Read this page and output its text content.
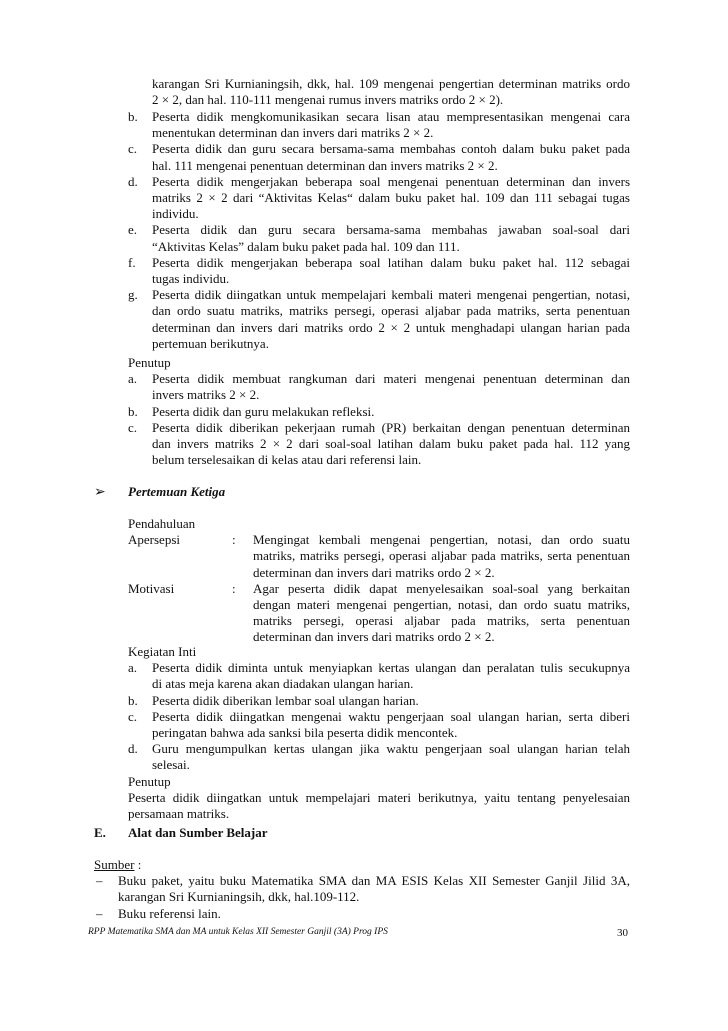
karangan Sri Kurnianingsih, dkk, hal. 109 mengenai pengertian determinan matriks ordo
2 × 2, dan hal. 110-111 mengenai rumus invers matriks ordo 2 × 2).
b. Peserta didik mengkomunikasikan secara lisan atau mempresentasikan mengenai cara
menentukan determinan dan invers dari matriks 2 × 2.
c. Peserta didik dan guru secara bersama-sama membahas contoh dalam buku paket pada
hal. 111 mengenai penentuan determinan dan invers matriks 2 × 2.
d. Peserta didik mengerjakan beberapa soal mengenai penentuan determinan dan invers
matriks 2 × 2 dari “Aktivitas Kelas“ dalam buku paket hal. 109 dan 111 sebagai tugas
individu.
e. Peserta didik dan guru secara bersama-sama membahas jawaban soal-soal dari
“Aktivitas Kelas” dalam buku paket pada hal. 109 dan 111.
f. Peserta didik mengerjakan beberapa soal latihan dalam buku paket hal. 112 sebagai
tugas individu.
g. Peserta didik diingatkan untuk mempelajari kembali materi mengenai pengertian, notasi,
dan ordo suatu matriks, matriks persegi, operasi aljabar pada matriks, serta penentuan
determinan dan invers dari matriks ordo 2 × 2 untuk menghadapi ulangan harian pada
pertemuan berikutnya.
Penutup
a. Peserta didik membuat rangkuman dari materi mengenai penentuan determinan dan
invers matriks 2 × 2.
b. Peserta didik dan guru melakukan refleksi.
c. Peserta didik diberikan pekerjaan rumah (PR) berkaitan dengan penentuan determinan
dan invers matriks 2 × 2 dari soal-soal latihan dalam buku paket pada hal. 112 yang
belum terselesaikan di kelas atau dari referensi lain.
➢ Pertemuan Ketiga
Pendahuluan
Apersepsi	: Mengingat kembali mengenai pengertian, notasi, dan ordo suatu
matriks, matriks persegi, operasi aljabar pada matriks, serta penentuan
determinan dan invers dari matriks ordo 2 × 2.
Motivasi	: Agar peserta didik dapat menyelesaikan soal-soal yang berkaitan
dengan materi mengenai pengertian, notasi, dan ordo suatu matriks,
matriks persegi, operasi aljabar pada matriks, serta penentuan
determinan dan invers dari matriks ordo 2 × 2.
Kegiatan Inti
a. Peserta didik diminta untuk menyiapkan kertas ulangan dan peralatan tulis secukupnya
di atas meja karena akan diadakan ulangan harian.
b. Peserta didik diberikan lembar soal ulangan harian.
c. Peserta didik diingatkan mengenai waktu pengerjaan soal ulangan harian, serta diberi
peringatan bahwa ada sanksi bila peserta didik mencontek.
d. Guru mengumpulkan kertas ulangan jika waktu pengerjaan soal ulangan harian telah
selesai.
Penutup
Peserta didik diingatkan untuk mempelajari materi berikutnya, yaitu tentang penyelesaian
persamaan matriks.
E. Alat dan Sumber Belajar
Sumber :
– Buku paket, yaitu buku Matematika SMA dan MA ESIS Kelas XII Semester Ganjil Jilid 3A,
karangan Sri Kurnianingsih, dkk, hal.109-112.
– Buku referensi lain.
RPP Matematika SMA dan MA untuk Kelas XII Semester Ganjil (3A) Prog IPS	30
